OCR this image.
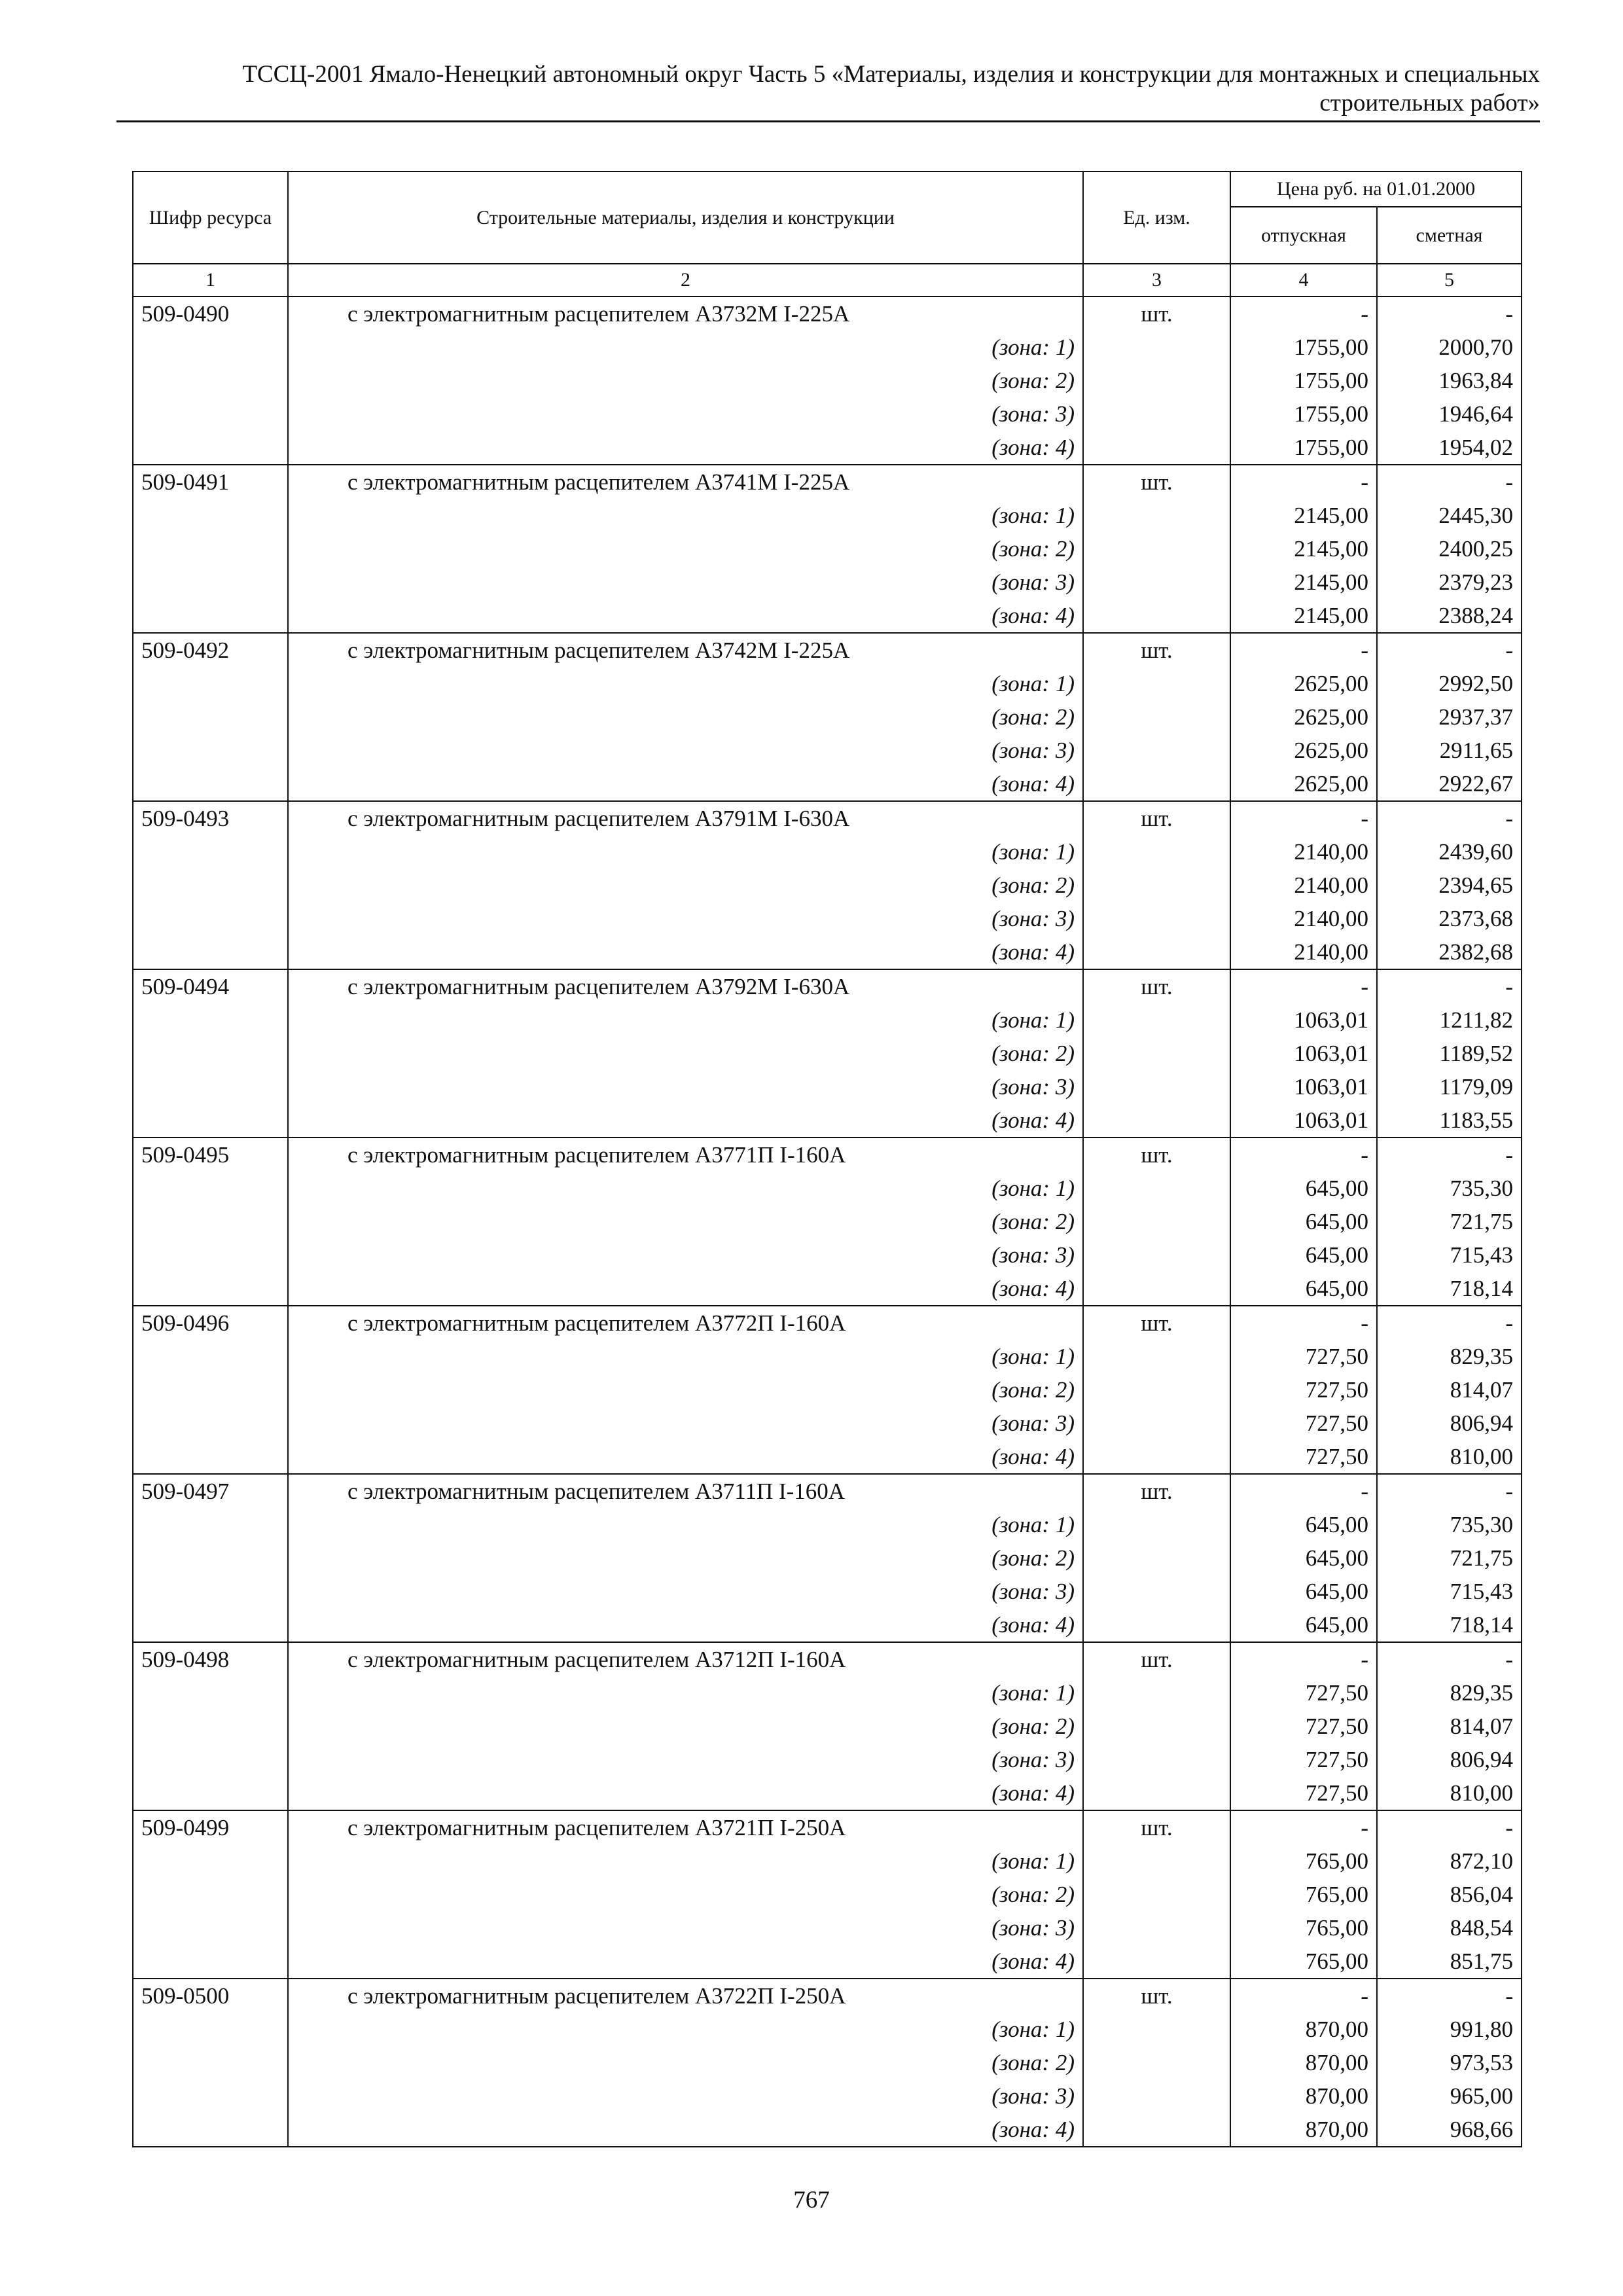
ТССЦ-2001 Ямало-Ненецкий автономный округ Часть 5 «Материалы, изделия и конструкции для монтажных и специальных
строительных работ»
Шифр ресурса	Строительные материалы, изделия и конструкции	Ед. изм.	Цена руб. на 01.01.2000	
			отпускная	сметная
1	2	3	4	5
509-0490	с электромагнитным расцепителем А3732М I-225А	шт.	-	-
	(зона: 1)		1755,00	2000,70
	(зона: 2)		1755,00	1963,84
	(зона: 3)		1755,00	1946,64
	(зона: 4)		1755,00	1954,02
509-0491	с электромагнитным расцепителем А3741М I-225А	шт.	-	-
	(зона: 1)		2145,00	2445,30
	(зона: 2)		2145,00	2400,25
	(зона: 3)		2145,00	2379,23
	(зона: 4)		2145,00	2388,24
509-0492	с электромагнитным расцепителем А3742М I-225А	шт.	-	-
	(зона: 1)		2625,00	2992,50
	(зона: 2)		2625,00	2937,37
	(зона: 3)		2625,00	2911,65
	(зона: 4)		2625,00	2922,67
509-0493	с электромагнитным расцепителем А3791М I-630А	шт.	-	-
	(зона: 1)		2140,00	2439,60
	(зона: 2)		2140,00	2394,65
	(зона: 3)		2140,00	2373,68
	(зона: 4)		2140,00	2382,68
509-0494	с электромагнитным расцепителем А3792М I-630А	шт.	-	-
	(зона: 1)		1063,01	1211,82
	(зона: 2)		1063,01	1189,52
	(зона: 3)		1063,01	1179,09
	(зона: 4)		1063,01	1183,55
509-0495	с электромагнитным расцепителем А3771П I-160А	шт.	-	-
	(зона: 1)		645,00	735,30
	(зона: 2)		645,00	721,75
	(зона: 3)		645,00	715,43
	(зона: 4)		645,00	718,14
509-0496	с электромагнитным расцепителем А3772П I-160А	шт.	-	-
	(зона: 1)		727,50	829,35
	(зона: 2)		727,50	814,07
	(зона: 3)		727,50	806,94
	(зона: 4)		727,50	810,00
509-0497	с электромагнитным расцепителем А3711П I-160А	шт.	-	-
	(зона: 1)		645,00	735,30
	(зона: 2)		645,00	721,75
	(зона: 3)		645,00	715,43
	(зона: 4)		645,00	718,14
509-0498	с электромагнитным расцепителем А3712П I-160А	шт.	-	-
	(зона: 1)		727,50	829,35
	(зона: 2)		727,50	814,07
	(зона: 3)		727,50	806,94
	(зона: 4)		727,50	810,00
509-0499	с электромагнитным расцепителем А3721П I-250А	шт.	-	-
	(зона: 1)		765,00	872,10
	(зона: 2)		765,00	856,04
	(зона: 3)		765,00	848,54
	(зона: 4)		765,00	851,75
509-0500	с электромагнитным расцепителем А3722П I-250А	шт.	-	-
	(зона: 1)		870,00	991,80
	(зона: 2)		870,00	973,53
	(зона: 3)		870,00	965,00
	(зона: 4)		870,00	968,66
767
